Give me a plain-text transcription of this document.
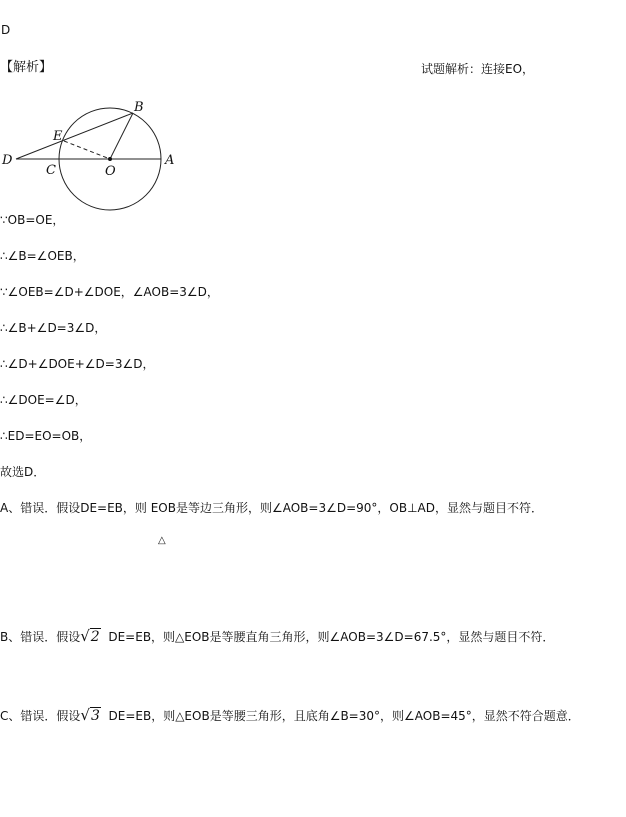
D
【解析】	试题解析：连接EO，
B
E
D	A
C	O
∵OB=OE，
∴∠B=∠OEB，
∵∠OEB=∠D+∠DOE，∠AOB=3∠D，
∴∠B+∠D=3∠D，
∴∠D+∠DOE+∠D=3∠D，
∴∠DOE=∠D，
∴ED=EO=OB，
故选D．
A、错误．假设DE=EB，则 EOB是等边三角形，则∠AOB=3∠D=90°，OB⊥AD，显然与题目不符．
△
B、错误．假设√2 DE=EB，则△EOB是等腰直角三角形，则∠AOB=3∠D=67.5°，显然与题目不符．
C、错误．假设√3 DE=EB，则△EOB是等腰三角形，且底角∠B=30°，则∠AOB=45°，显然不符合题意．
